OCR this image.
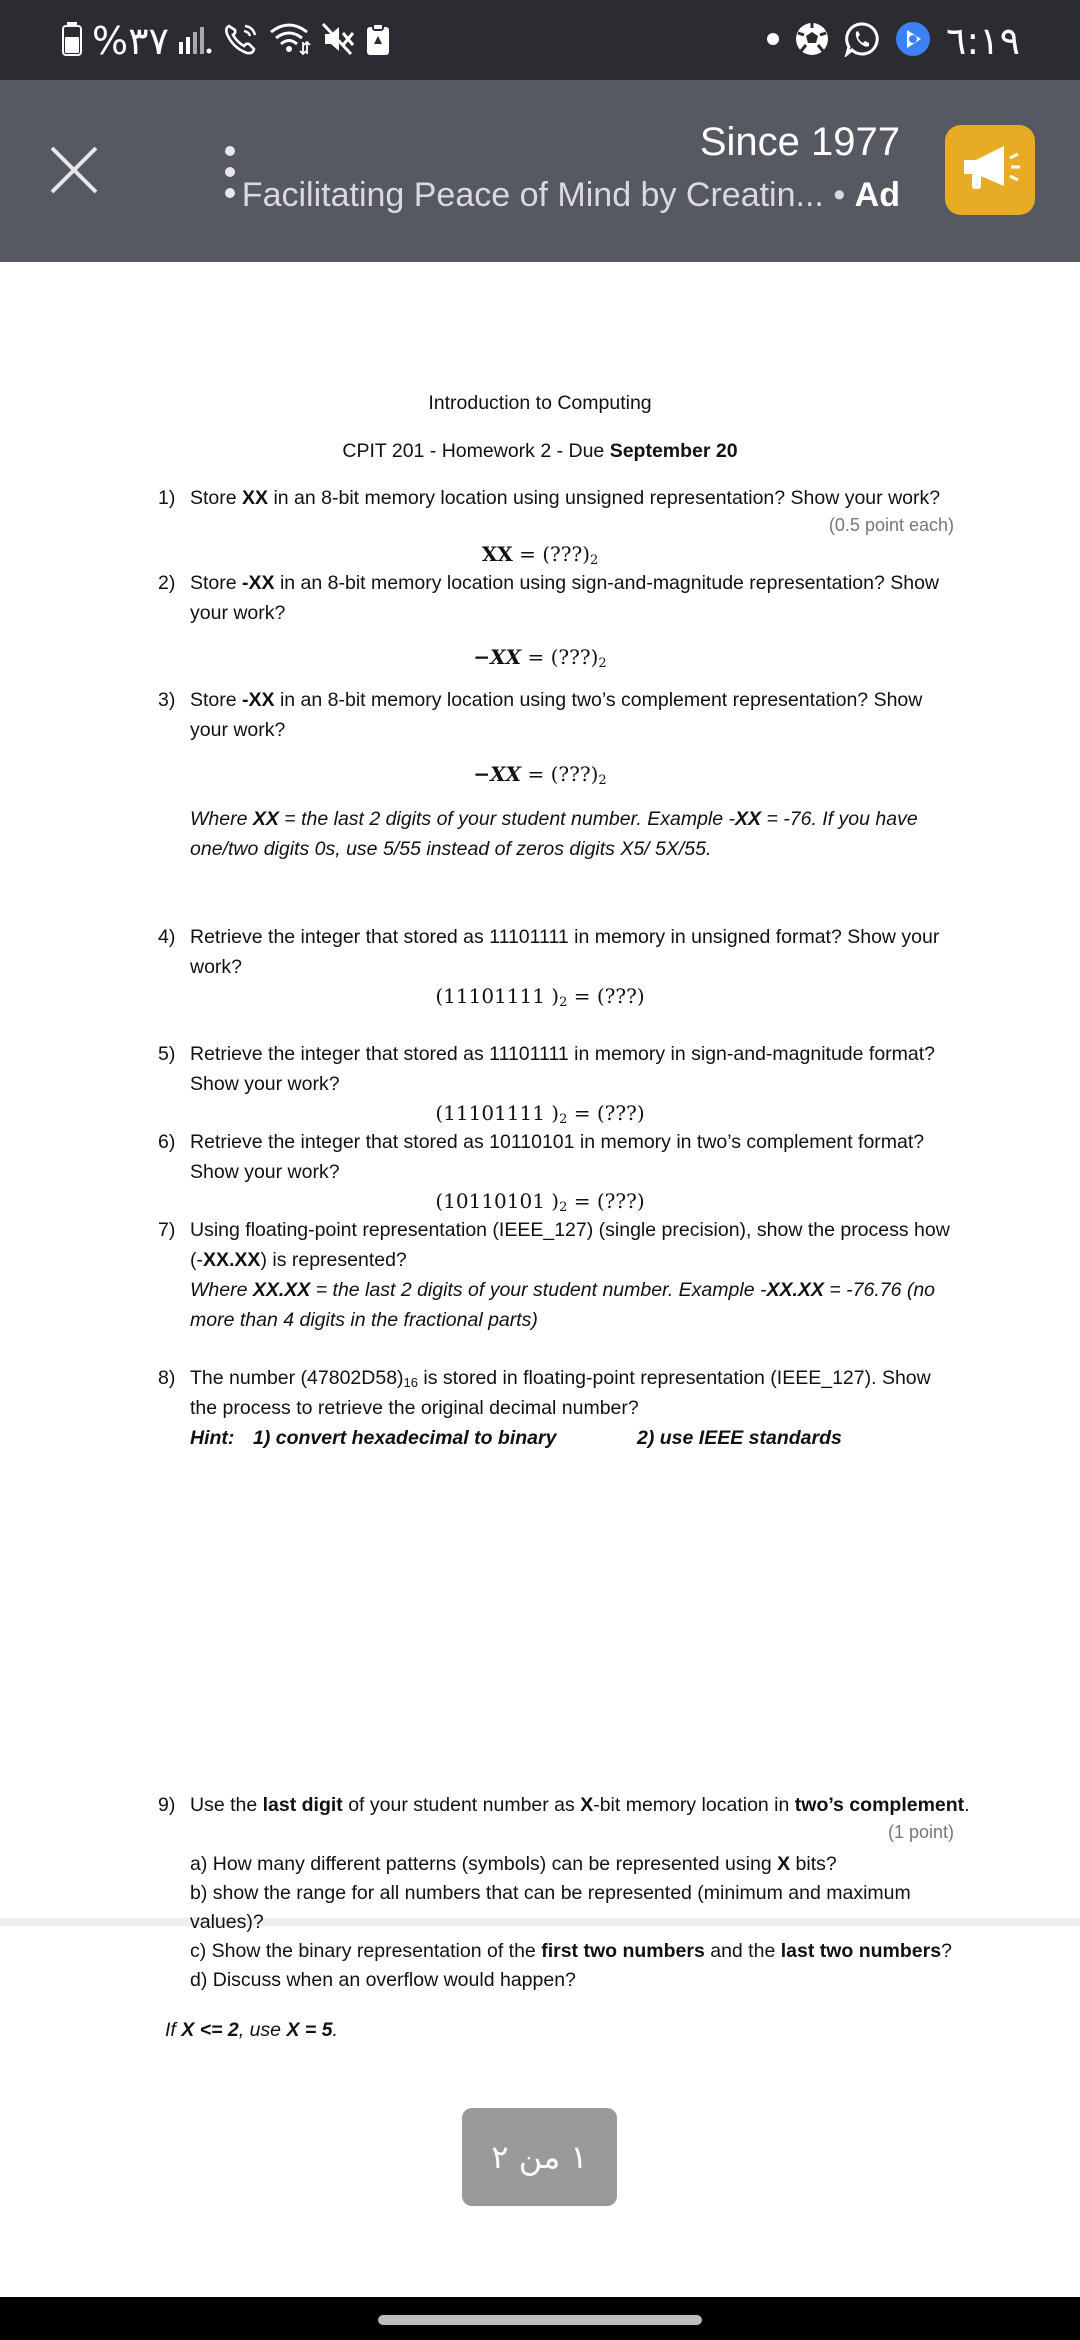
%٣٧	٦:١٩
Since 1977
Facilitating Peace of Mind by Creatin... • Ad
Introduction to Computing
CPIT 201 - Homework 2 - Due September 20
1) Store XX in an 8-bit memory location using unsigned representation? Show your work?
(0.5 point each)
XX = $(???)_2$
2) Store -XX in an 8-bit memory location using sign-and-magnitude representation? Show
your work?
$-XX = (???)_2$
3) Store -XX in an 8-bit memory location using two’s complement representation? Show
your work?
$-XX = (???)_2$
Where XX = the last 2 digits of your student number. Example -XX = -76. If you have
one/two digits 0s, use 5/55 instead of zeros digits X5/ 5X/55.
4) Retrieve the integer that stored as 11101111 in memory in unsigned format? Show your
work?
(11101111 )$_2$ = (???)
5) Retrieve the integer that stored as 11101111 in memory in sign-and-magnitude format?
Show your work?
(11101111 )$_2$ = (???)
6) Retrieve the integer that stored as 10110101 in memory in two’s complement format?
Show your work?
(10110101 )$_2$ = (???)
7) Using floating-point representation (IEEE_127) (single precision), show the process how
(-XX.XX) is represented?
Where XX.XX = the last 2 digits of your student number. Example -XX.XX = -76.76 (no
more than 4 digits in the fractional parts)
8) The number $(47802D58)_{16}$ is stored in floating-point representation (IEEE_127). Show
the process to retrieve the original decimal number?
Hint: 1) convert hexadecimal to binary	2) use IEEE standards
9) Use the last digit of your student number as X-bit memory location in two’s complement.
(1 point)
a) How many different patterns (symbols) can be represented using X bits?
b) show the range for all numbers that can be represented (minimum and maximum
values)?
c) Show the binary representation of the first two numbers and the last two numbers?
d) Discuss when an overflow would happen?
If X <= 2, use X = 5.
١ من ٢
